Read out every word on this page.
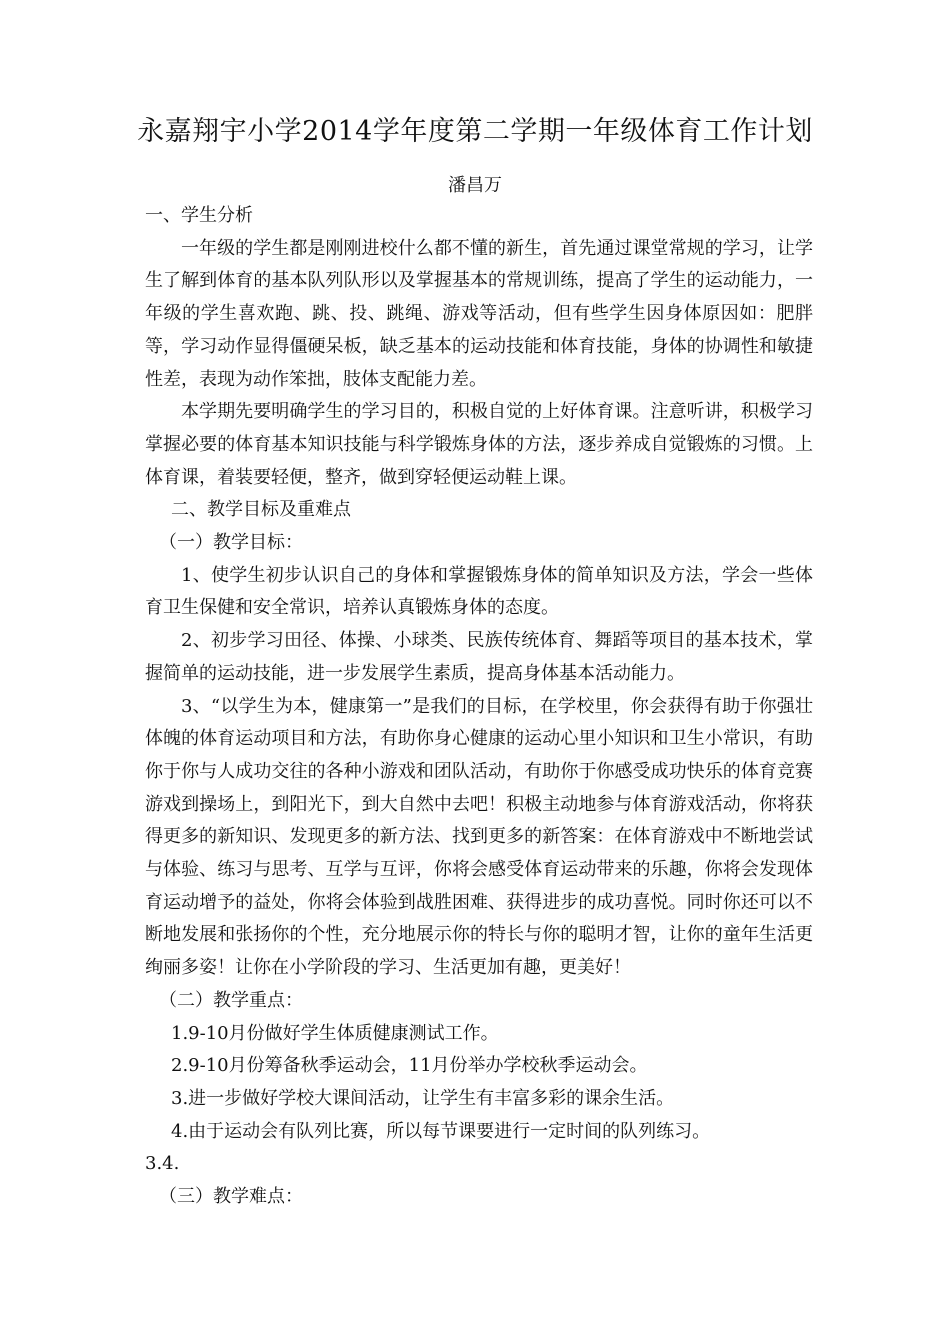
永嘉翔宇小学2014学年度第二学期一年级体育工作计划
潘昌万

一、学生分析

一年级的学生都是刚刚进校什么都不懂的新生，首先通过课堂常规的学习，让学生了解到体育的基本队列队形以及掌握基本的常规训练，提高了学生的运动能力，一年级的学生喜欢跑、跳、投、跳绳、游戏等活动，但有些学生因身体原因如：肥胖等，学习动作显得僵硬呆板，缺乏基本的运动技能和体育技能，身体的协调性和敏捷性差，表现为动作笨拙，肢体支配能力差。

本学期先要明确学生的学习目的，积极自觉的上好体育课。注意听讲，积极学习掌握必要的体育基本知识技能与科学锻炼身体的方法，逐步养成自觉锻炼的习惯。上体育课，着装要轻便，整齐，做到穿轻便运动鞋上课。

二、教学目标及重难点

（一）教学目标：

1、使学生初步认识自己的身体和掌握锻炼身体的简单知识及方法，学会一些体育卫生保健和安全常识，培养认真锻炼身体的态度。

2、初步学习田径、体操、小球类、民族传统体育、舞蹈等项目的基本技术，掌握简单的运动技能，进一步发展学生素质，提高身体基本活动能力。

3、“以学生为本，健康第一”是我们的目标，在学校里，你会获得有助于你强壮体魄的体育运动项目和方法，有助你身心健康的运动心里小知识和卫生小常识，有助你于你与人成功交往的各种小游戏和团队活动，有助你于你感受成功快乐的体育竞赛游戏到操场上，到阳光下，到大自然中去吧！积极主动地参与体育游戏活动，你将获得更多的新知识、发现更多的新方法、找到更多的新答案：在体育游戏中不断地尝试与体验、练习与思考、互学与互评，你将会感受体育运动带来的乐趣，你将会发现体育运动增予的益处，你将会体验到战胜困难、获得进步的成功喜悦。同时你还可以不断地发展和张扬你的个性，充分地展示你的特长与你的聪明才智，让你的童年生活更绚丽多姿！让你在小学阶段的学习、生活更加有趣，更美好！

（二）教学重点：

1.9-10月份做好学生体质健康测试工作。

2.9-10月份筹备秋季运动会，11月份举办学校秋季运动会。

3.进一步做好学校大课间活动，让学生有丰富多彩的课余生活。

4.由于运动会有队列比赛，所以每节课要进行一定时间的队列练习。

3.4.

（三）教学难点：
